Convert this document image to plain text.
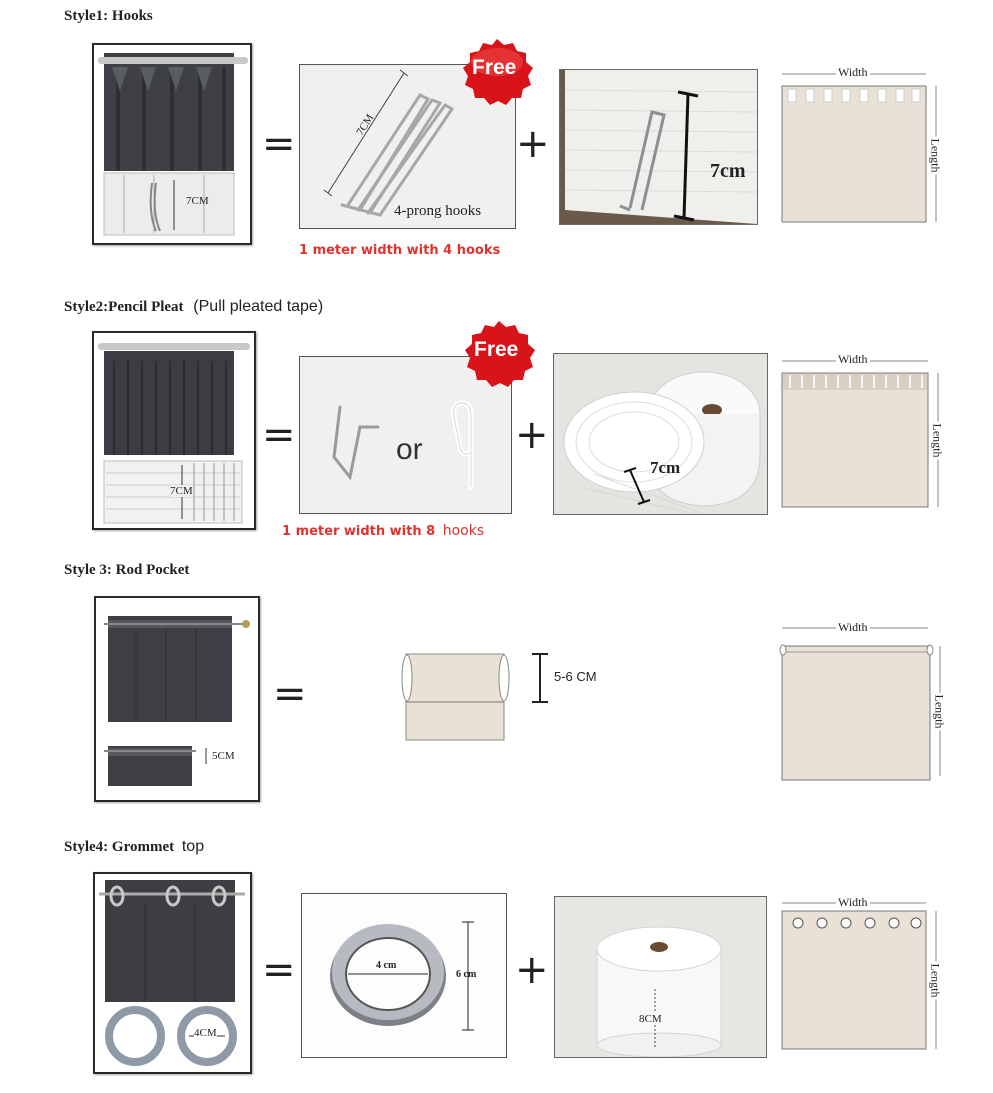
Style1: Hooks
7CM
=	7CM
4-prong hooks
Free
1 meter width with 4 hooks
+
7cm
Width
Length
Style2:Pencil Pleat (Pull pleated tape)
7CM
=	or
Free
1 meter width with 8 hooks
+
7cm
Width
Length
Style 3: Rod Pocket
5CM
=	5-6 CM
Width
Length
Style4: Grommet top
4CM
=	4 cm
6 cm +
8CM
Width
Length
